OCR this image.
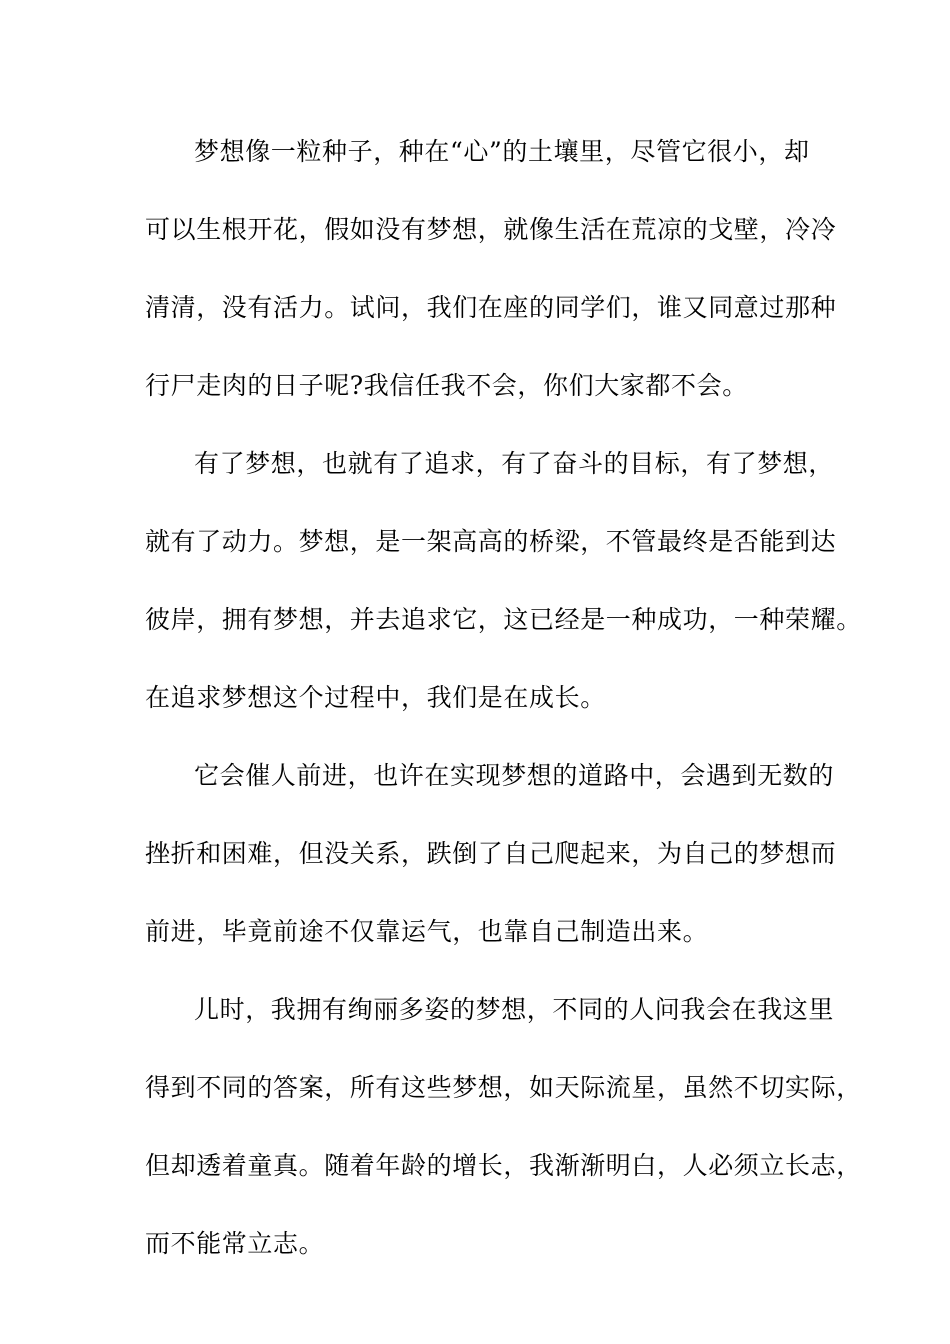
梦想像一粒种子，种在“心”的土壤里，尽管它很小，却
可以生根开花，假如没有梦想，就像生活在荒凉的戈壁，冷冷
清清，没有活力。试问，我们在座的同学们，谁又同意过那种
行尸走肉的日子呢?我信任我不会，你们大家都不会。
有了梦想，也就有了追求，有了奋斗的目标，有了梦想，
就有了动力。梦想，是一架高高的桥梁，不管最终是否能到达
彼岸，拥有梦想，并去追求它，这已经是一种成功，一种荣耀。
在追求梦想这个过程中，我们是在成长。
它会催人前进，也许在实现梦想的道路中，会遇到无数的
挫折和困难，但没关系，跌倒了自己爬起来，为自己的梦想而
前进，毕竟前途不仅靠运气，也靠自己制造出来。
儿时，我拥有绚丽多姿的梦想，不同的人问我会在我这里
得到不同的答案，所有这些梦想，如天际流星，虽然不切实际，
但却透着童真。随着年龄的增长，我渐渐明白，人必须立长志，
而不能常立志。
